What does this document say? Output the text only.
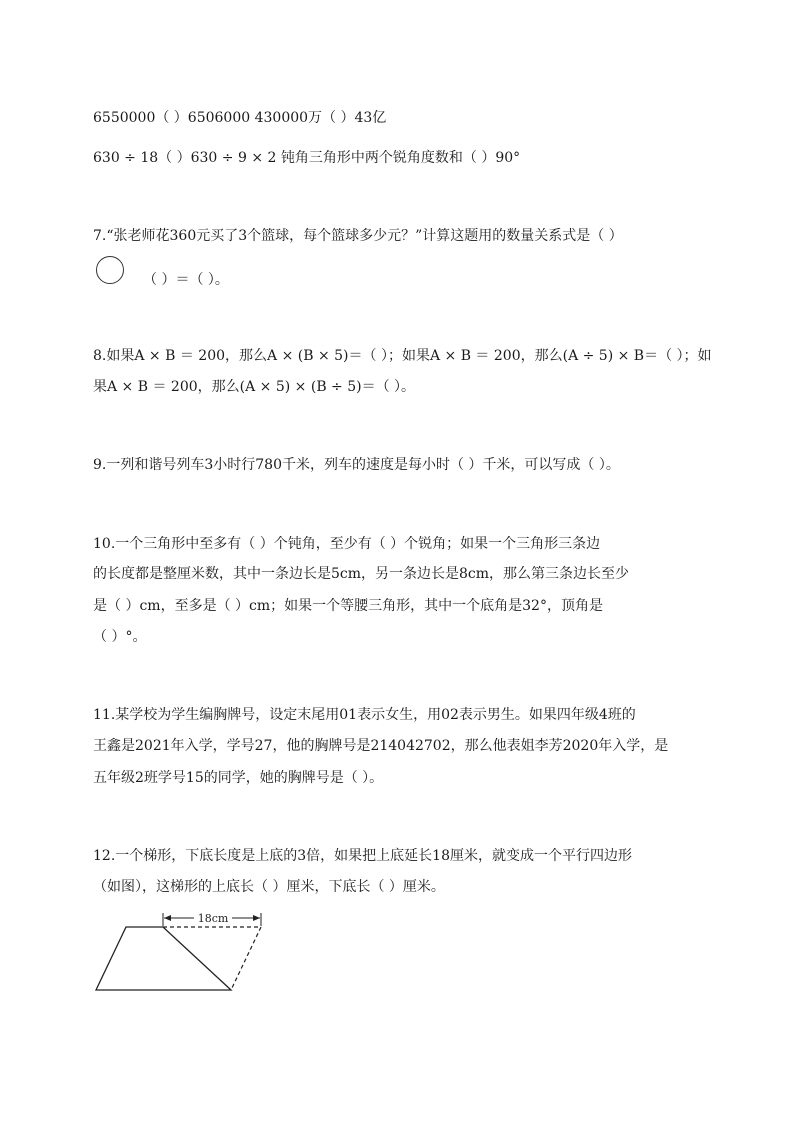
6550000（ ）6506000 430000万（ ）43亿
630 ÷ 18（ ）630 ÷ 9 × 2 钝角三角形中两个锐角度数和（ ）90°
7.“张老师花360元买了3个篮球，每个篮球多少元？”计算这题用的数量关系式是（ ）
（ ）＝（ ）。
8.如果A × B ＝ 200，那么A × (B × 5)＝（ ）；如果A × B ＝ 200，那么(A ÷ 5) × B＝（ ）；如
果A × B ＝ 200，那么(A × 5) × (B ÷ 5)＝（ ）。
9.一列和谐号列车3小时行780千米，列车的速度是每小时（ ）千米，可以写成（ ）。
10.一个三角形中至多有（ ）个钝角，至少有（ ）个锐角；如果一个三角形三条边
的长度都是整厘米数，其中一条边长是5cm，另一条边长是8cm，那么第三条边长至少
是（ ）cm，至多是（ ）cm；如果一个等腰三角形，其中一个底角是32°，顶角是
（ ）°。
11.某学校为学生编胸牌号，设定末尾用01表示女生，用02表示男生。如果四年级4班的
王鑫是2021年入学，学号27，他的胸牌号是214042702，那么他表姐李芳2020年入学，是
五年级2班学号15的同学，她的胸牌号是（ ）。
12.一个梯形，下底长度是上底的3倍，如果把上底延长18厘米，就变成一个平行四边形
（如图），这梯形的上底长（ ）厘米，下底长（ ）厘米。
18cm
